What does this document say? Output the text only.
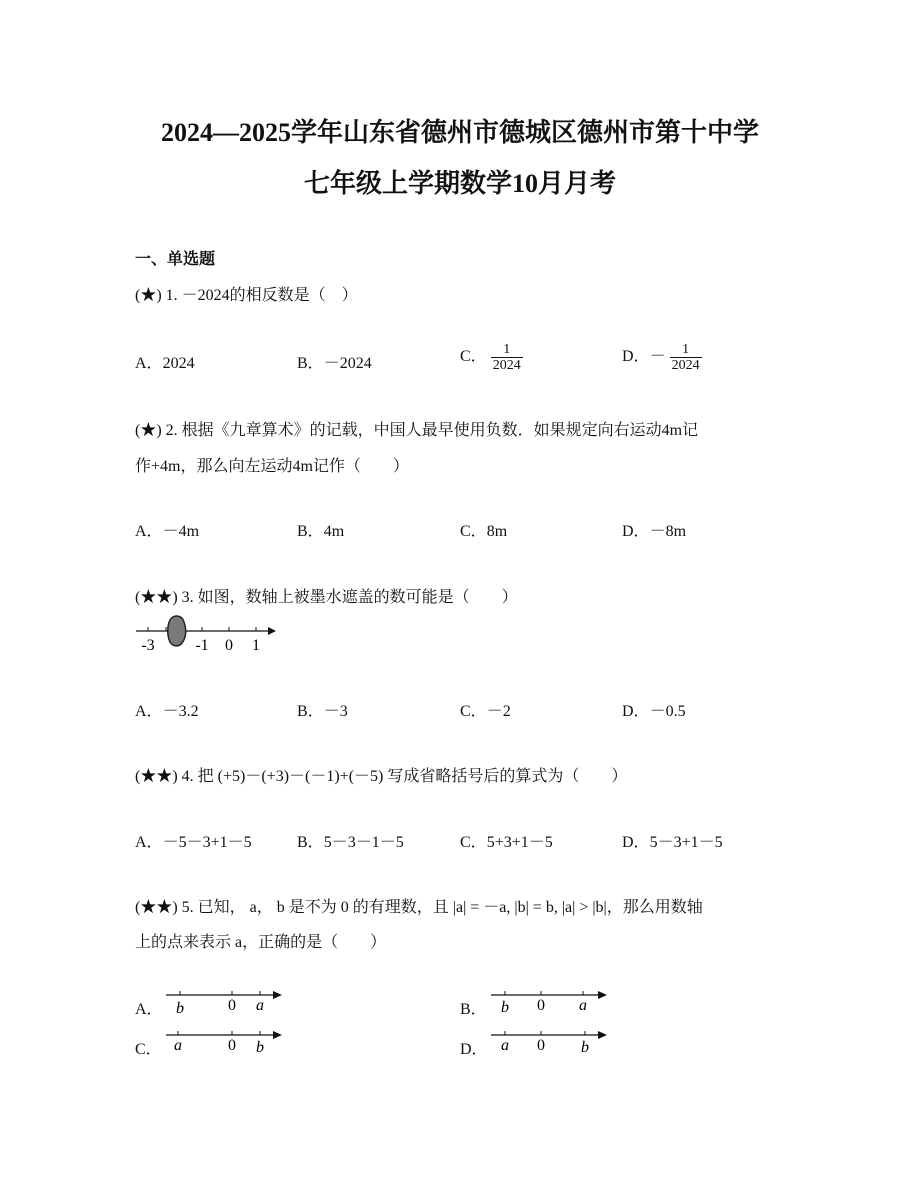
2024—2025学年山东省德州市德城区德州市第十中学
七年级上学期数学10月月考
一、单选题
(★) 1. －2024的相反数是（　）
A．2024	B．－2024	C． $\frac{1}{2024}$	D．－ $\frac{1}{2024}$
(★) 2. 根据《九章算术》的记载，中国人最早使用负数．如果规定向右运动4m记
作+4m，那么向左运动4m记作（　　）
A．－4m	B．4m	C．8m	D．－8m
(★★) 3. 如图，数轴上被墨水遮盖的数可能是（　　）
-3	-1 0 1
A．－3.2	B．－3	C．－2	D．－0.5
(★★) 4. 把 (+5)－(+3)－(－1)+(－5) 写成省略括号后的算式为（　　）
A．－5－3+1－5	B．5－3－1－5	C．5+3+1－5	D．5－3+1－5
(★★) 5. 已知， a， b 是不为 0 的有理数，且 |a| = －a, |b| = b, |a| > |b|，那么用数轴
上的点来表示 a，正确的是（　　）
A． b	0 a	B． b 0 a
C． a	0 b	D． a 0 b
